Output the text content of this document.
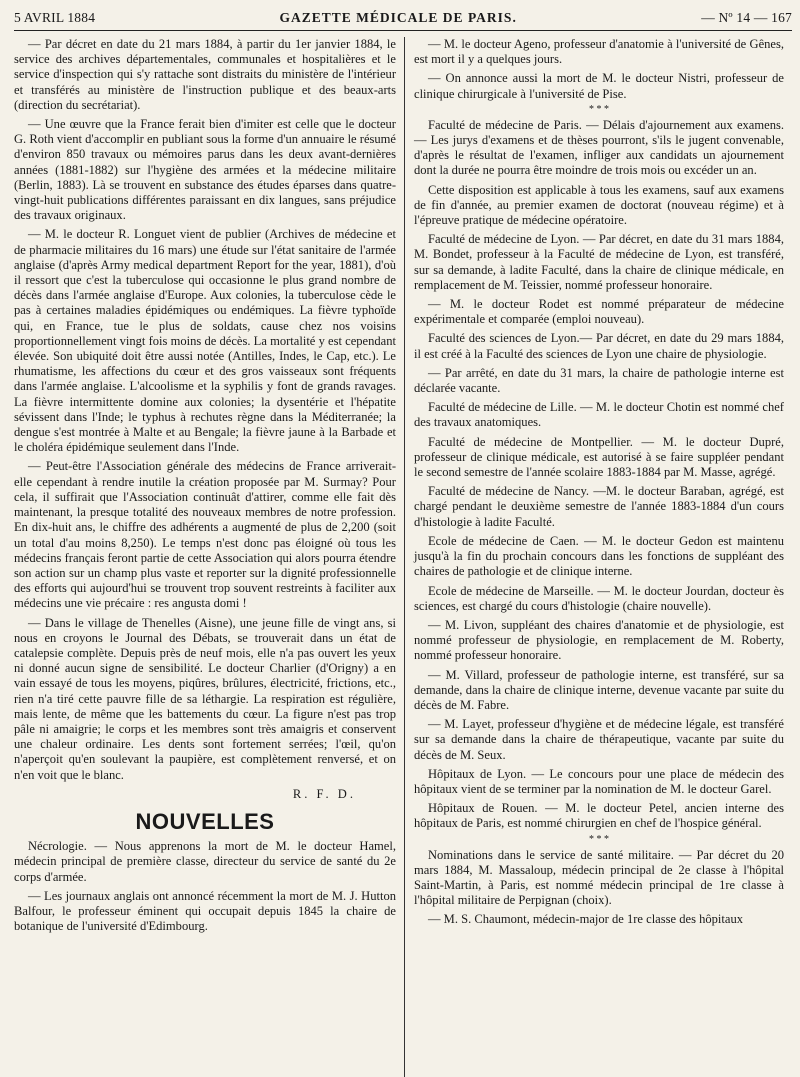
5 AVRIL 1884	GAZETTE MÉDICALE DE PARIS.	— Nº 14 — 167

— Par décret en date du 21 mars 1884, à partir du 1er janvier 1884, le service des archives départementales, communales et hospitalières et le service d'inspection qui s'y rattache sont distraits du ministère de l'intérieur et transférés au ministère de l'instruction publique et des beaux-arts (direction du secrétariat).

— Une œuvre que la France ferait bien d'imiter est celle que le docteur G. Roth vient d'accomplir en publiant sous la forme d'un annuaire le résumé d'environ 850 travaux ou mémoires parus dans les deux avant-dernières années (1881-1882) sur l'hygiène des armées et la médecine militaire (Berlin, 1883). Là se trouvent en substance des études éparses dans quatre-vingt-huit publications différentes paraissant en dix langues, sans préjudice des travaux originaux.

— M. le docteur R. Longuet vient de publier (Archives de médecine et de pharmacie militaires du 16 mars) une étude sur l'état sanitaire de l'armée anglaise (d'après Army medical department Report for the year, 1881), d'où il ressort que c'est la tuberculose qui occasionne le plus grand nombre de décès dans l'armée anglaise d'Europe. Aux colonies, la tuberculose cède le pas à certaines maladies épidémiques ou endémiques. La fièvre typhoïde qui, en France, tue le plus de soldats, cause chez nos voisins proportionnellement vingt fois moins de décès. La mortalité y est cependant élevée. Son ubiquité doit être aussi notée (Antilles, Indes, le Cap, etc.). Le rhumatisme, les affections du cœur et des gros vaisseaux sont fréquents dans l'armée anglaise. L'alcoolisme et la syphilis y font de grands ravages. La fièvre intermittente domine aux colonies; la dysentérie et l'hépatite sévissent dans l'Inde; le typhus à rechutes règne dans la Méditerranée; la dengue s'est montrée à Malte et au Bengale; la fièvre jaune à la Barbade et le choléra épidémique seulement dans l'Inde.

— Peut-être l'Association générale des médecins de France arriverait-elle cependant à rendre inutile la création proposée par M. Surmay? Pour cela, il suffirait que l'Association continuât d'attirer, comme elle fait dès maintenant, la presque totalité des nouveaux membres de notre profession. En dix-huit ans, le chiffre des adhérents a augmenté de plus de 2,200 (soit un total d'au moins 8,250). Le temps n'est donc pas éloigné où tous les médecins français feront partie de cette Association qui alors pourra étendre son action sur un champ plus vaste et reporter sur la dignité professionnelle des efforts qui aujourd'hui se trouvent trop souvent restreints à faciliter aux médecins une vie précaire : res angusta domi !

— Dans le village de Thenelles (Aisne), une jeune fille de vingt ans, si nous en croyons le Journal des Débats, se trouverait dans un état de catalepsie complète. Depuis près de neuf mois, elle n'a pas ouvert les yeux ni donné aucun signe de sensibilité. Le docteur Charlier (d'Origny) a en vain essayé de tous les moyens, piqûres, brûlures, électricité, frictions, etc., rien n'a tiré cette pauvre fille de sa léthargie. La respiration est régulière, mais lente, de même que les battements du cœur. La figure n'est pas trop pâle ni amaigrie; le corps et les membres sont très amaigris et conservent une chaleur ordinaire. Les dents sont fortement serrées; l'œil, qu'on n'aperçoit qu'en soulevant la paupière, est complètement renversé, et on n'en voit que le blanc.

R. F. D.
NOUVELLES

Nécrologie. — Nous apprenons la mort de M. le docteur Hamel, médecin principal de première classe, directeur du service de santé du 2e corps d'armée.

— Les journaux anglais ont annoncé récemment la mort de M. J. Hutton Balfour, le professeur éminent qui occupait depuis 1845 la chaire de botanique de l'université d'Edimbourg.

— M. le docteur Ageno, professeur d'anatomie à l'université de Gênes, est mort il y a quelques jours.

— On annonce aussi la mort de M. le docteur Nistri, professeur de clinique chirurgicale à l'université de Pise.

* * *

Faculté de médecine de Paris. — Délais d'ajournement aux examens. — Les jurys d'examens et de thèses pourront, s'ils le jugent convenable, d'après le résultat de l'examen, infliger aux candidats un ajournement dont la durée ne pourra être moindre de trois mois ou excéder un an.

Cette disposition est applicable à tous les examens, sauf aux examens de fin d'année, au premier examen de doctorat (nouveau régime) et à l'épreuve pratique de médecine opératoire.

Faculté de médecine de Lyon. — Par décret, en date du 31 mars 1884, M. Bondet, professeur à la Faculté de médecine de Lyon, est transféré, sur sa demande, à ladite Faculté, dans la chaire de clinique médicale, en remplacement de M. Teissier, nommé professeur honoraire.

— M. le docteur Rodet est nommé préparateur de médecine expérimentale et comparée (emploi nouveau).

Faculté des sciences de Lyon.— Par décret, en date du 29 mars 1884, il est créé à la Faculté des sciences de Lyon une chaire de physiologie.

— Par arrêté, en date du 31 mars, la chaire de pathologie interne est déclarée vacante.

Faculté de médecine de Lille. — M. le docteur Chotin est nommé chef des travaux anatomiques.

Faculté de médecine de Montpellier. — M. le docteur Dupré, professeur de clinique médicale, est autorisé à se faire suppléer pendant le second semestre de l'année scolaire 1883-1884 par M. Masse, agrégé.

Faculté de médecine de Nancy. —M. le docteur Baraban, agrégé, est chargé pendant le deuxième semestre de l'année 1883-1884 d'un cours d'histologie à ladite Faculté.

Ecole de médecine de Caen. — M. le docteur Gedon est maintenu jusqu'à la fin du prochain concours dans les fonctions de suppléant des chaires de pathologie et de clinique interne.

Ecole de médecine de Marseille. — M. le docteur Jourdan, docteur ès sciences, est chargé du cours d'histologie (chaire nouvelle).

— M. Livon, suppléant des chaires d'anatomie et de physiologie, est nommé professeur de physiologie, en remplacement de M. Roberty, nommé professeur honoraire.

— M. Villard, professeur de pathologie interne, est transféré, sur sa demande, dans la chaire de clinique interne, devenue vacante par suite du décès de M. Fabre.

— M. Layet, professeur d'hygiène et de médecine légale, est transféré sur sa demande dans la chaire de thérapeutique, vacante par suite du décès de M. Seux.

Hôpitaux de Lyon. — Le concours pour une place de médecin des hôpitaux vient de se terminer par la nomination de M. le docteur Garel.

Hôpitaux de Rouen. — M. le docteur Petel, ancien interne des hôpitaux de Paris, est nommé chirurgien en chef de l'hospice général.

* * *

Nominations dans le service de santé militaire. — Par décret du 20 mars 1884, M. Massaloup, médecin principal de 2e classe à l'hôpital Saint-Martin, à Paris, est nommé médecin principal de 1re classe à l'hôpital militaire de Perpignan (choix).

— M. S. Chaumont, médecin-major de 1re classe des hôpitaux
